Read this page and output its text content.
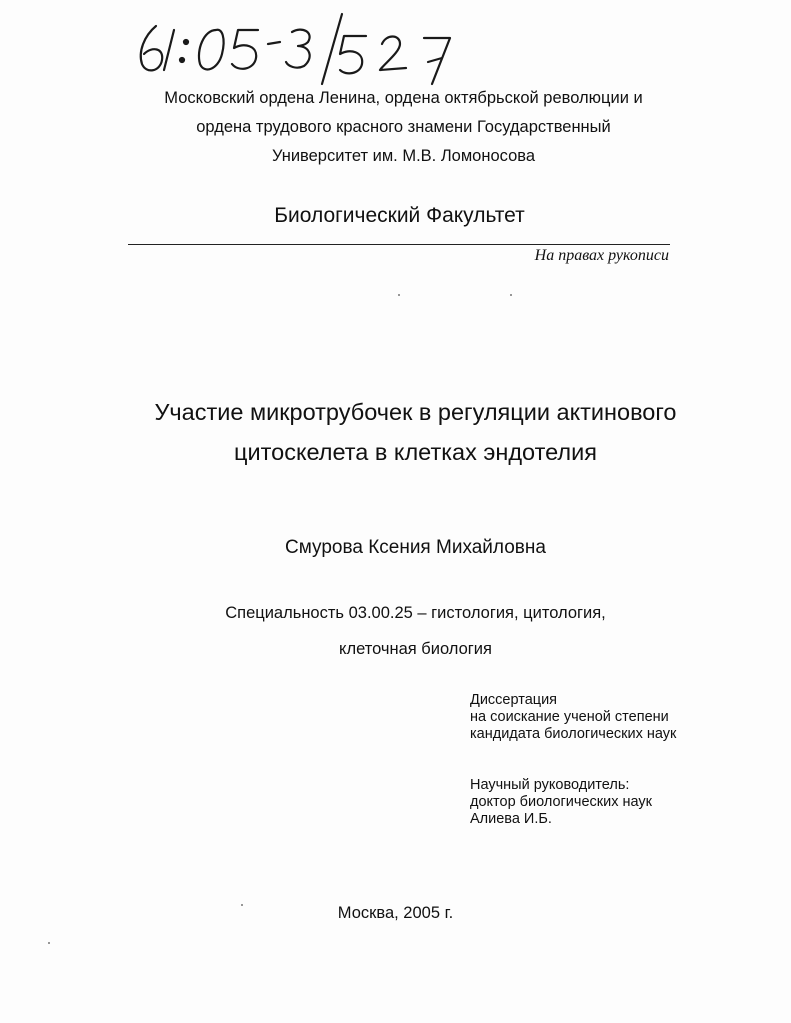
Московский ордена Ленина, ордена октябрьской революции и
ордена трудового красного знамени Государственный
Университет им. М.В. Ломоносова
Биологический Факультет
На правах рукописи
Участие микротрубочек в регуляции актинового
цитоскелета в клетках эндотелия
Смурова Ксения Михайловна
Специальность 03.00.25 – гистология, цитология,
клеточная биология
Диссертация
на соискание ученой степени
кандидата биологических наук
Научный руководитель:
доктор биологических наук
Алиева И.Б.
Москва, 2005 г.
